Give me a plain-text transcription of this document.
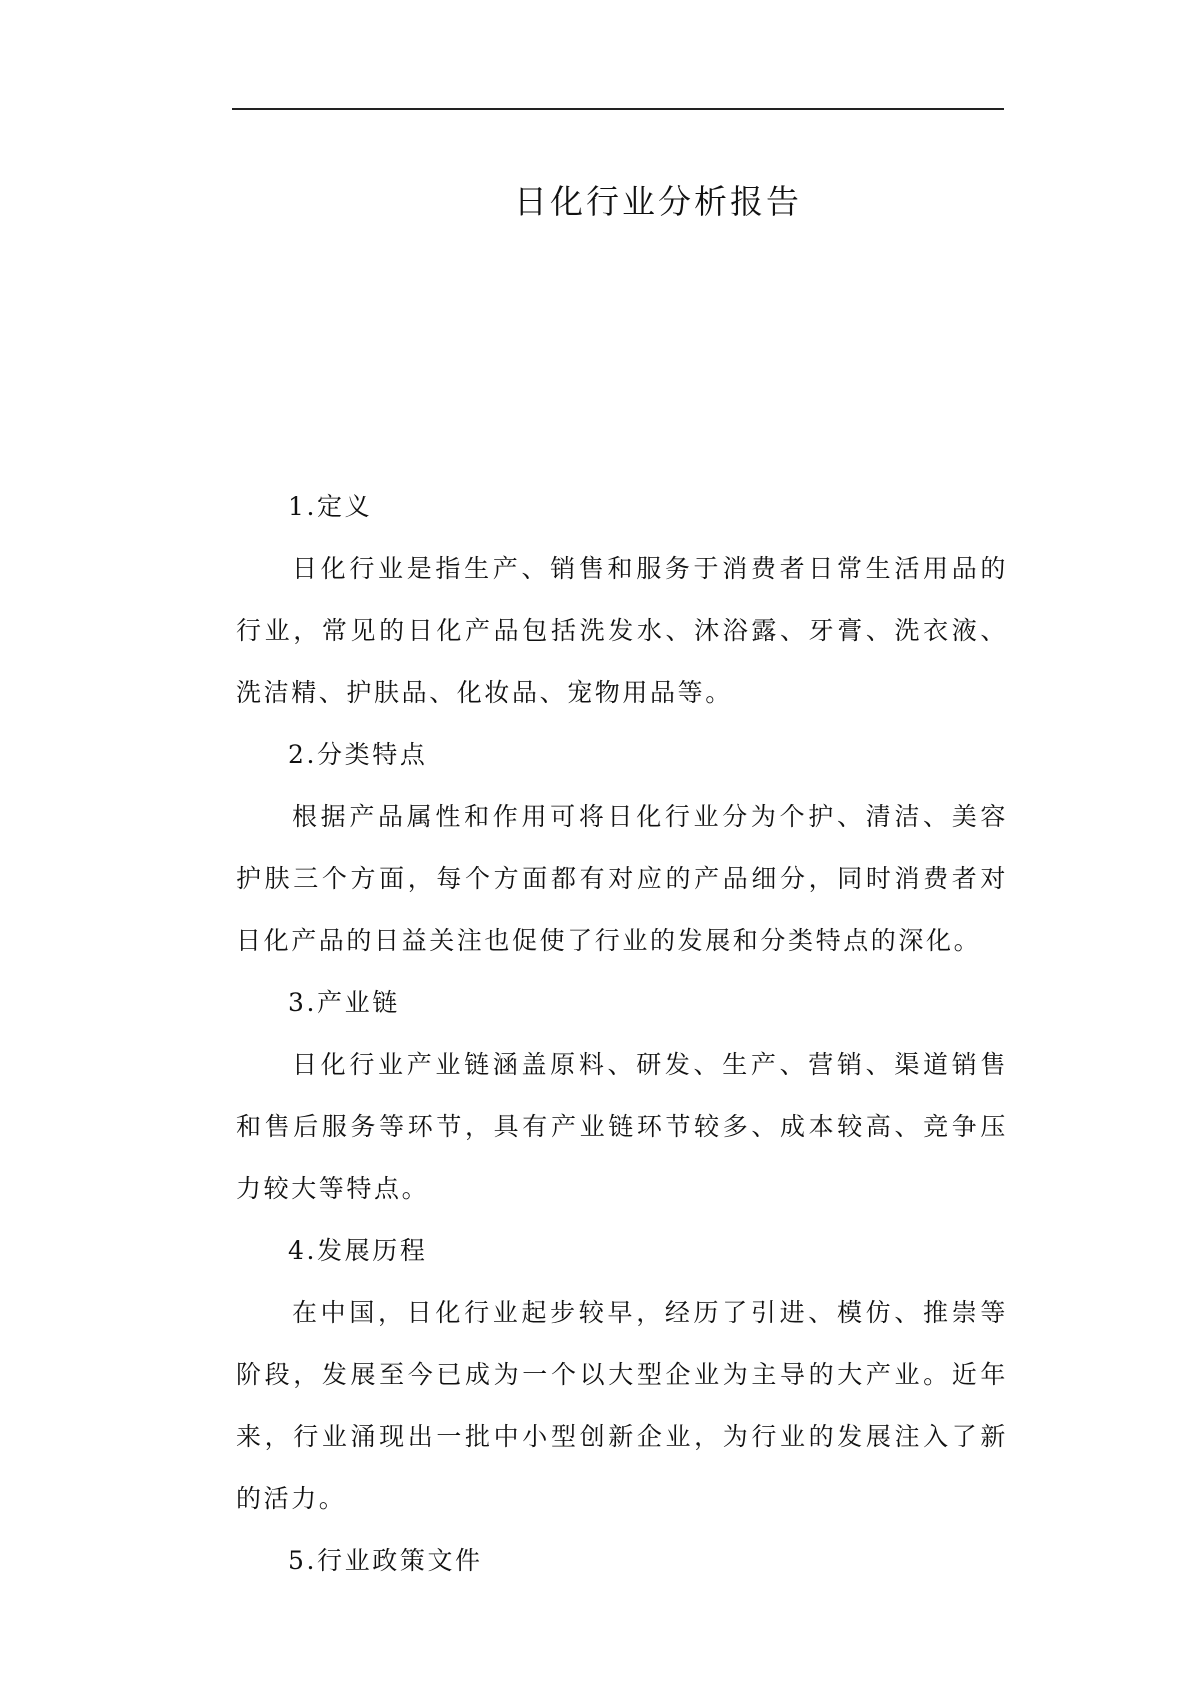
日化行业分析报告
1.定义

日化行业是指生产、销售和服务于消费者日常生活用品的行业，常见的日化产品包括洗发水、沐浴露、牙膏、洗衣液、洗洁精、护肤品、化妆品、宠物用品等。

2.分类特点

根据产品属性和作用可将日化行业分为个护、清洁、美容护肤三个方面，每个方面都有对应的产品细分，同时消费者对日化产品的日益关注也促使了行业的发展和分类特点的深化。

3.产业链

日化行业产业链涵盖原料、研发、生产、营销、渠道销售和售后服务等环节，具有产业链环节较多、成本较高、竞争压力较大等特点。

4.发展历程

在中国，日化行业起步较早，经历了引进、模仿、推崇等阶段，发展至今已成为一个以大型企业为主导的大产业。近年来，行业涌现出一批中小型创新企业，为行业的发展注入了新的活力。

5.行业政策文件
